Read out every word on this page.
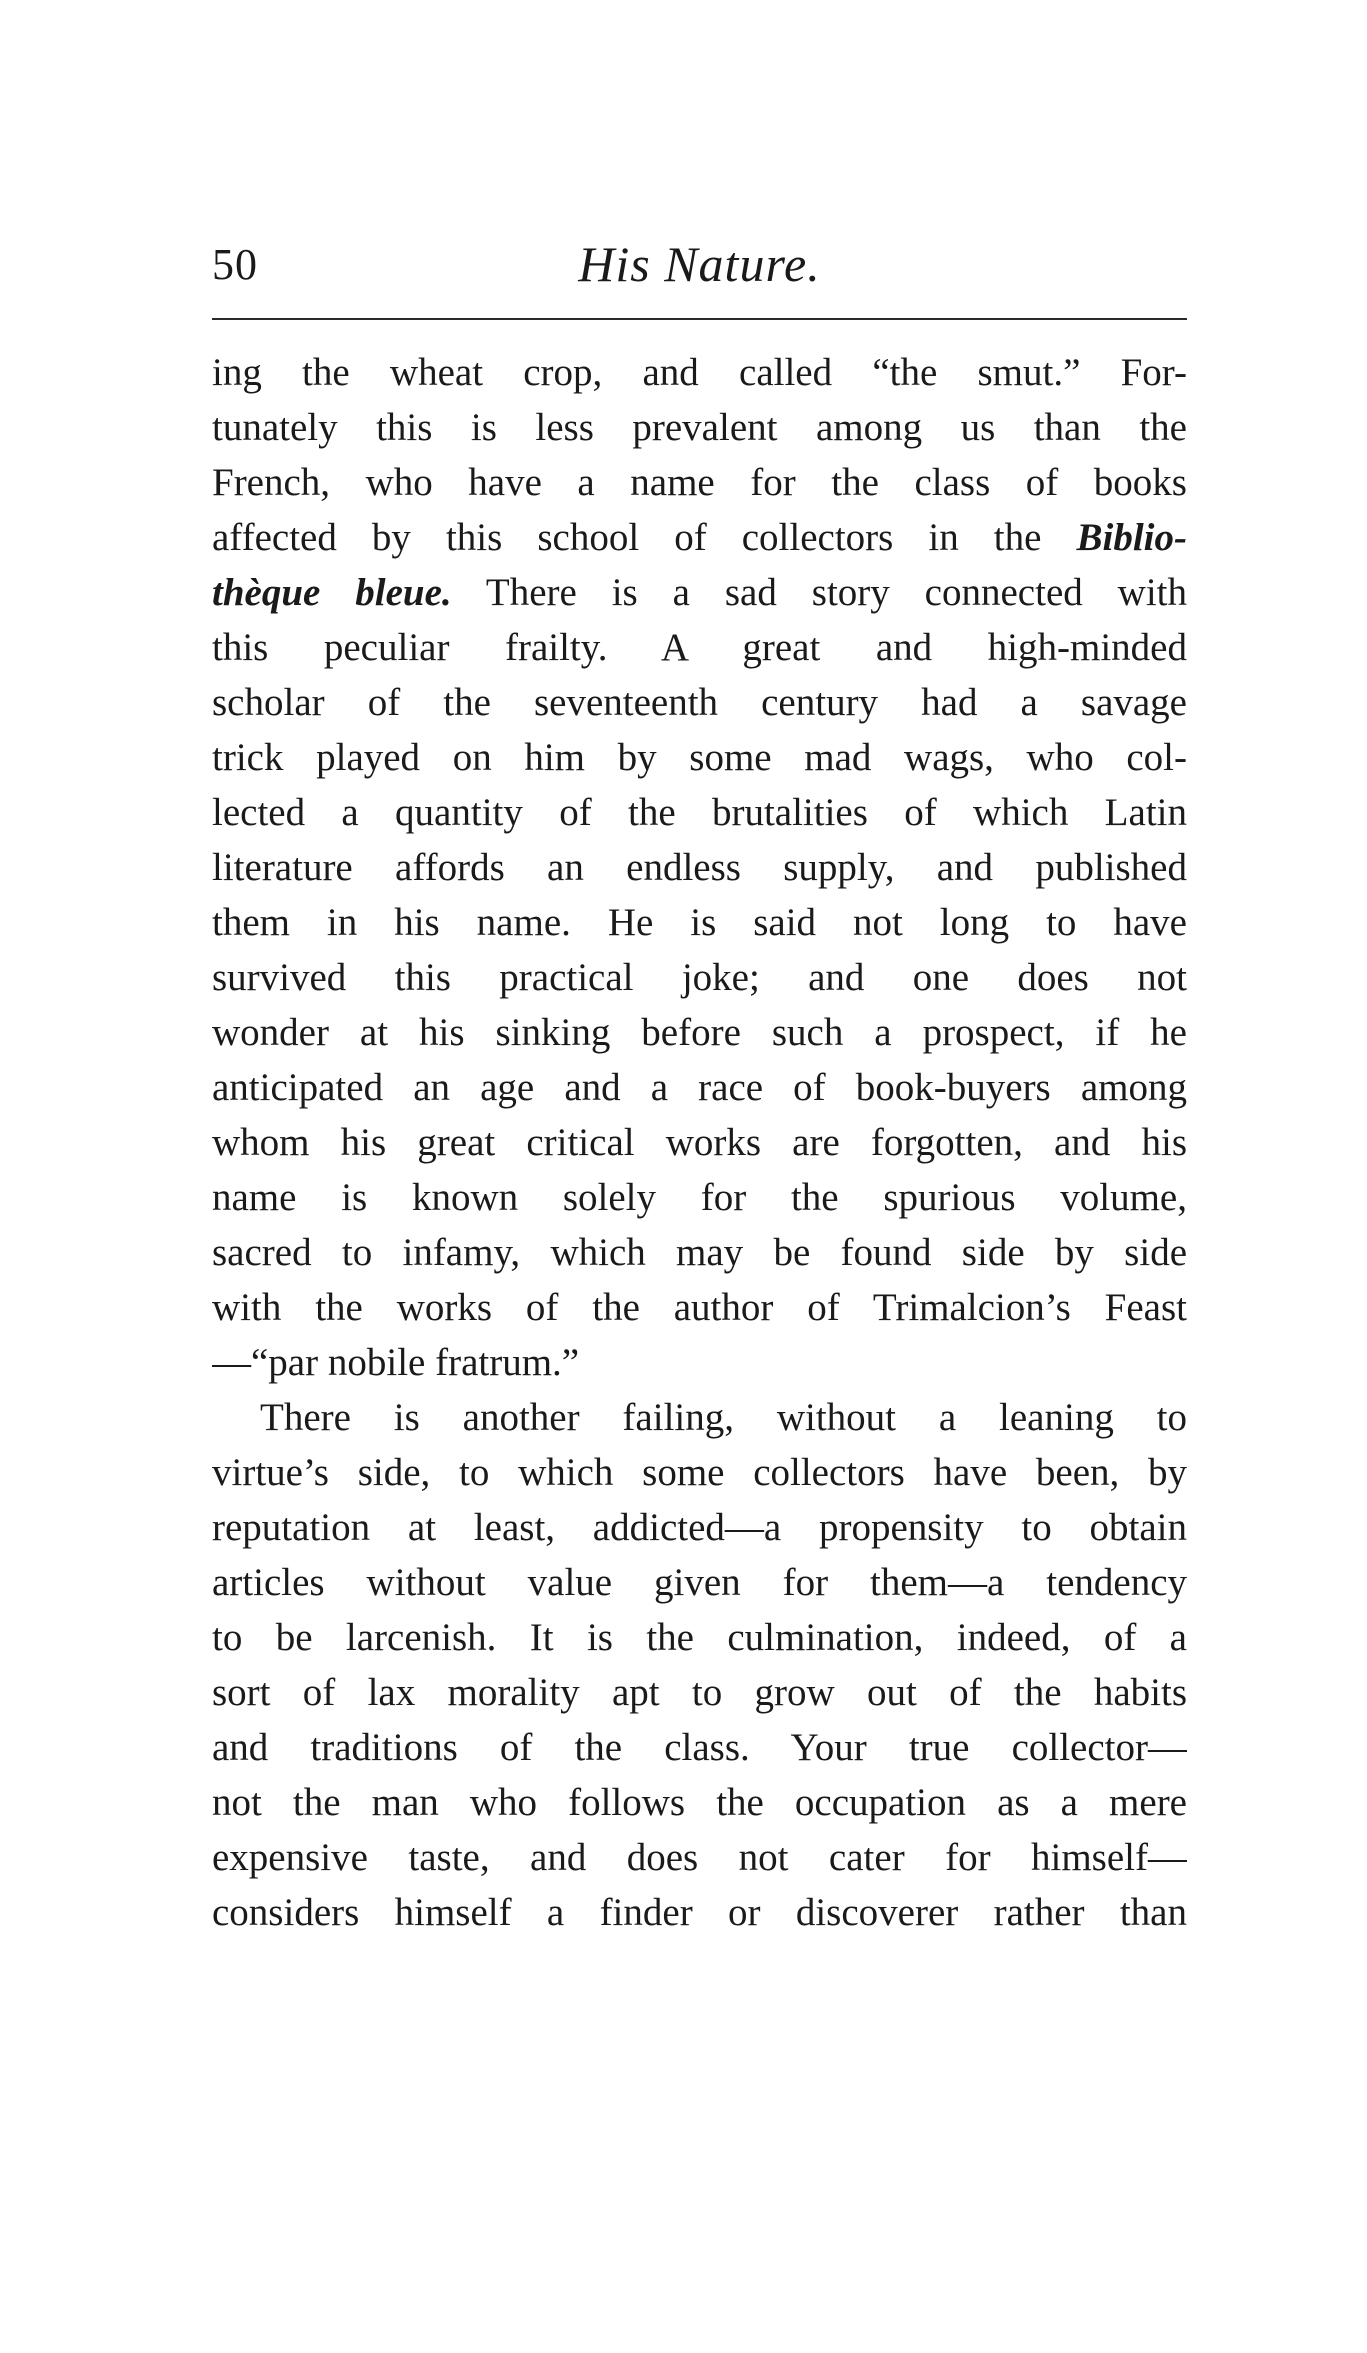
50	His Nature.
ing the wheat crop, and called “the smut.” For-
tunately this is less prevalent among us than the
French, who have a name for the class of books
affected by this school of collectors in the Biblio-
thèque bleue. There is a sad story connected with
this peculiar frailty. A great and high-minded
scholar of the seventeenth century had a savage
trick played on him by some mad wags, who col-
lected a quantity of the brutalities of which Latin
literature affords an endless supply, and published
them in his name. He is said not long to have
survived this practical joke; and one does not
wonder at his sinking before such a prospect, if he
anticipated an age and a race of book-buyers among
whom his great critical works are forgotten, and his
name is known solely for the spurious volume,
sacred to infamy, which may be found side by side
with the works of the author of Trimalcion’s Feast
—“par nobile fratrum.”
There is another failing, without a leaning to
virtue’s side, to which some collectors have been, by
reputation at least, addicted—a propensity to obtain
articles without value given for them—a tendency
to be larcenish. It is the culmination, indeed, of a
sort of lax morality apt to grow out of the habits
and traditions of the class. Your true collector—
not the man who follows the occupation as a mere
expensive taste, and does not cater for himself—
considers himself a finder or discoverer rather than
